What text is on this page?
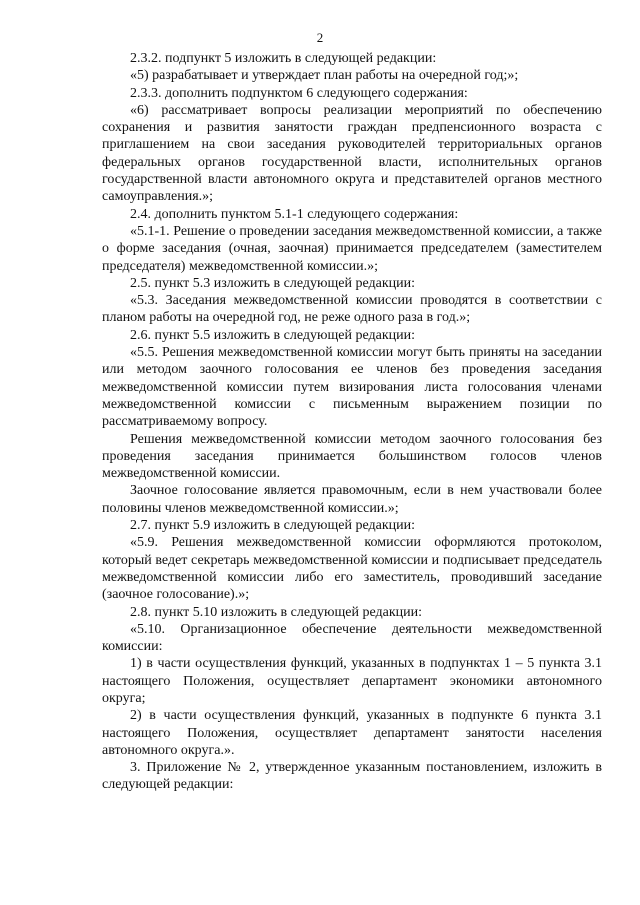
2

2.3.2. подпункт 5 изложить в следующей редакции:

«5) разрабатывает и утверждает план работы на очередной год;»;

2.3.3. дополнить подпунктом 6 следующего содержания:

«6) рассматривает вопросы реализации мероприятий по обеспечению сохранения и развития занятости граждан предпенсионного возраста с приглашением на свои заседания руководителей территориальных органов федеральных органов государственной власти, исполнительных органов государственной власти автономного округа и представителей органов местного самоуправления.»;

2.4. дополнить пунктом 5.1-1 следующего содержания:

«5.1-1. Решение о проведении заседания межведомственной комиссии, а также о форме заседания (очная, заочная) принимается председателем (заместителем председателя) межведомственной комиссии.»;

2.5. пункт 5.3 изложить в следующей редакции:

«5.3. Заседания межведомственной комиссии проводятся в соответствии с планом работы на очередной год, не реже одного раза в год.»;

2.6. пункт 5.5 изложить в следующей редакции:

«5.5. Решения межведомственной комиссии могут быть приняты на заседании или методом заочного голосования ее членов без проведения заседания межведомственной комиссии путем визирования листа голосования членами межведомственной комиссии с письменным выражением позиции по рассматриваемому вопросу.

Решения межведомственной комиссии методом заочного голосования без проведения заседания принимается большинством голосов членов межведомственной комиссии.

Заочное голосование является правомочным, если в нем участвовали более половины членов межведомственной комиссии.»;

2.7. пункт 5.9 изложить в следующей редакции:

«5.9. Решения межведомственной комиссии оформляются протоколом, который ведет секретарь межведомственной комиссии и подписывает председатель межведомственной комиссии либо его заместитель, проводивший заседание (заочное голосование).»;

2.8. пункт 5.10 изложить в следующей редакции:

«5.10. Организационное обеспечение деятельности межведомственной комиссии:

1) в части осуществления функций, указанных в подпунктах 1 – 5 пункта 3.1 настоящего Положения, осуществляет департамент экономики автономного округа;

2) в части осуществления функций, указанных в подпункте 6 пункта 3.1 настоящего Положения, осуществляет департамент занятости населения автономного округа.».

3. Приложение № 2, утвержденное указанным постановлением, изложить в следующей редакции:
